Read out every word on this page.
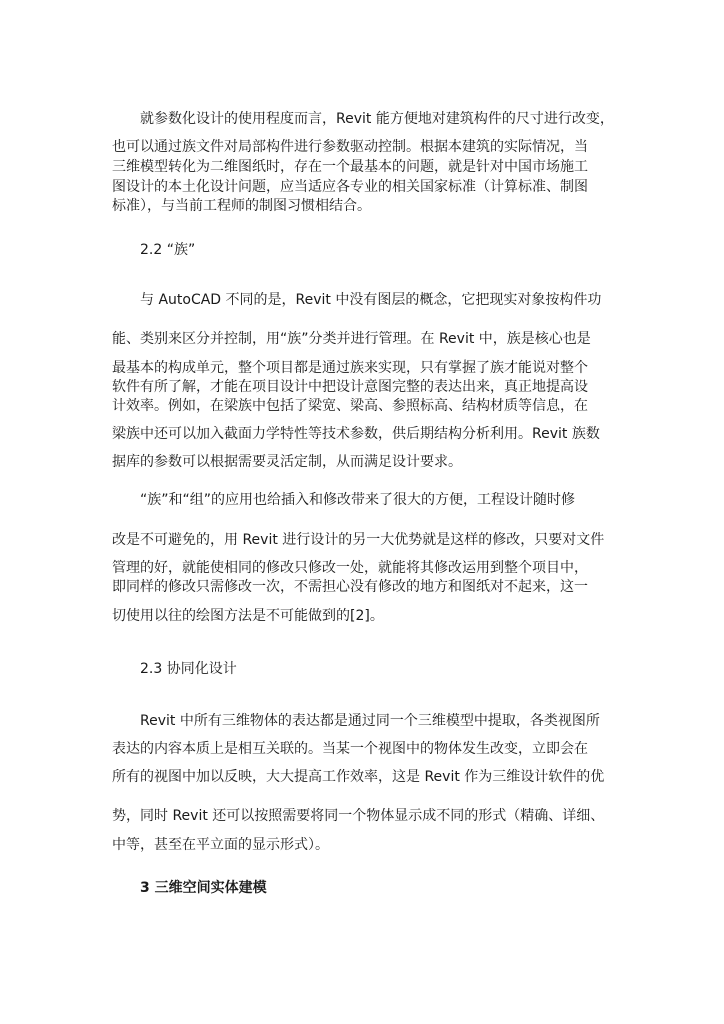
就参数化设计的使用程度而言，Revit 能方便地对建筑构件的尺寸进行改变，

也可以通过族文件对局部构件进行参数驱动控制。根据本建筑的实际情况，当

三维模型转化为二维图纸时，存在一个最基本的问题，就是针对中国市场施工

图设计的本土化设计问题，应当适应各专业的相关国家标准（计算标准、制图

标准），与当前工程师的制图习惯相结合。

2.2 “族”

与 AutoCAD 不同的是，Revit 中没有图层的概念，它把现实对象按构件功

能、类别来区分并控制，用“族”分类并进行管理。在 Revit 中，族是核心也是

最基本的构成单元，整个项目都是通过族来实现，只有掌握了族才能说对整个

软件有所了解，才能在项目设计中把设计意图完整的表达出来，真正地提高设

计效率。例如，在梁族中包括了梁宽、梁高、参照标高、结构材质等信息，在

梁族中还可以加入截面力学特性等技术参数，供后期结构分析利用。Revit 族数

据库的参数可以根据需要灵活定制，从而满足设计要求。

“族”和“组”的应用也给插入和修改带来了很大的方便，工程设计随时修

改是不可避免的，用 Revit 进行设计的另一大优势就是这样的修改，只要对文件

管理的好，就能使相同的修改只修改一处，就能将其修改运用到整个项目中，

即同样的修改只需修改一次，不需担心没有修改的地方和图纸对不起来，这一

切使用以往的绘图方法是不可能做到的[2]。

2.3 协同化设计

Revit 中所有三维物体的表达都是通过同一个三维模型中提取，各类视图所

表达的内容本质上是相互关联的。当某一个视图中的物体发生改变，立即会在

所有的视图中加以反映，大大提高工作效率，这是 Revit 作为三维设计软件的优

势，同时 Revit 还可以按照需要将同一个物体显示成不同的形式（精确、详细、

中等，甚至在平立面的显示形式）。

3 三维空间实体建模
